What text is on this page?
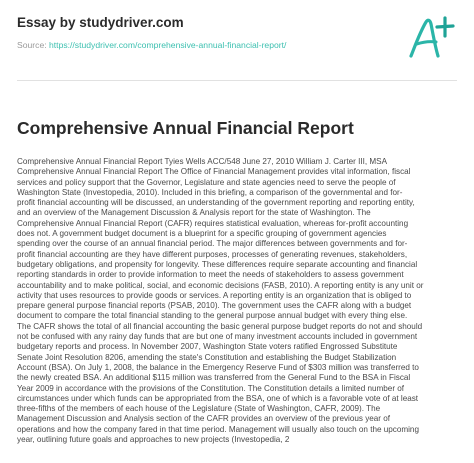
Essay by studydriver.com
Source: https://studydriver.com/comprehensive-annual-financial-report/
Comprehensive Annual Financial Report
Comprehensive Annual Financial Report Tyies Wells ACC/548 June 27, 2010 William J. Carter III, MSA
Comprehensive Annual Financial Report The Office of Financial Management provides vital information, fiscal
services and policy support that the Governor, Legislature and state agencies need to serve the people of
Washington State (Investopedia, 2010). Included in this briefing, a comparison of the governmental and for-
profit financial accounting will be discussed, an understanding of the government reporting and reporting entity,
and an overview of the Management Discussion & Analysis report for the state of Washington. The
Comprehensive Annual Financial Report (CAFR) requires statistical evaluation, whereas for-profit accounting
does not. A government budget document is a blueprint for a specific grouping of government agencies
spending over the course of an annual financial period. The major differences between governments and for-
profit financial accounting are they have different purposes, processes of generating revenues, stakeholders,
budgetary obligations, and propensity for longevity. These differences require separate accounting and financial
reporting standards in order to provide information to meet the needs of stakeholders to assess government
accountability and to make political, social, and economic decisions (FASB, 2010). A reporting entity is any unit or
activity that uses resources to provide goods or services. A reporting entity is an organization that is obliged to
prepare general purpose financial reports (PSAB, 2010). The government uses the CAFR along with a budget
document to compare the total financial standing to the general purpose annual budget with every thing else.
The CAFR shows the total of all financial accounting the basic general purpose budget reports do not and should
not be confused with any rainy day funds that are but one of many investment accounts included in government
budgetary reports and process. In November 2007, Washington State voters ratified Engrossed Substitute
Senate Joint Resolution 8206, amending the state's Constitution and establishing the Budget Stabilization
Account (BSA). On July 1, 2008, the balance in the Emergency Reserve Fund of $303 million was transferred to
the newly created BSA. An additional $115 million was transferred from the General Fund to the BSA in Fiscal
Year 2009 in accordance with the provisions of the Constitution. The Constitution details a limited number of
circumstances under which funds can be appropriated from the BSA, one of which is a favorable vote of at least
three-fifths of the members of each house of the Legislature (State of Washington, CAFR, 2009). The
Management Discussion and Analysis section of the CAFR provides an overview of the previous year of
operations and how the company fared in that time period. Management will usually also touch on the upcoming
year, outlining future goals and approaches to new projects (Investopedia, 2
